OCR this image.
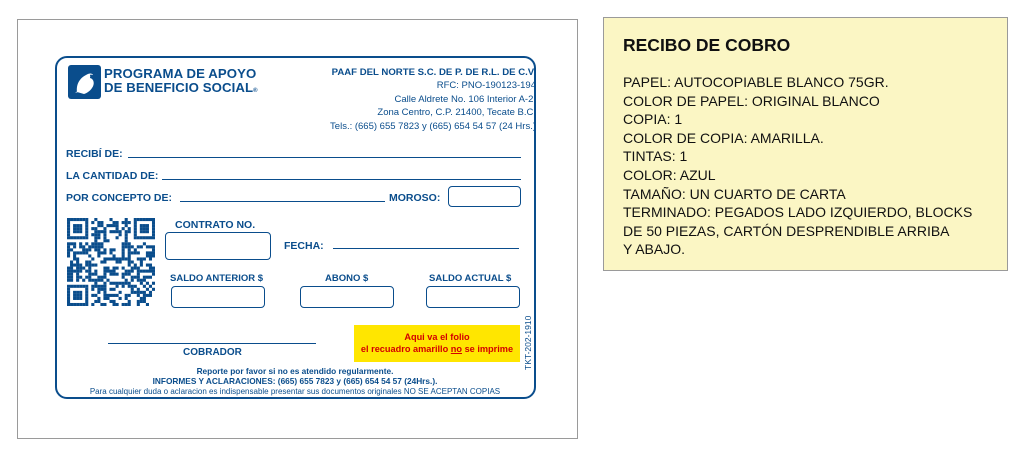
PROGRAMA DE APOYO
DE BENEFICIO SOCIAL®
PAAF DEL NORTE S.C. DE P. DE R.L. DE C.V.
RFC: PNO-190123-194
Calle Aldrete No. 106 Interior A-2,
Zona Centro, C.P. 21400, Tecate B.C.
Tels.: (665) 655 7823 y (665) 654 54 57 (24 Hrs.)
RECIBÍ DE:
LA CANTIDAD DE:
POR CONCEPTO DE:	MOROSO:
CONTRATO NO.
FECHA:
SALDO ANTERIOR $	ABONO $	SALDO ACTUAL $
COBRADOR
Aqui va el folio
el recuadro amarillo no se imprime
Reporte por favor si no es atendido regularmente.
INFORMES Y ACLARACIONES: (665) 655 7823 y (665) 654 54 57 (24Hrs.).
Para cualquier duda o aclaracion es indispensable presentar sus documentos originales NO SE ACEPTAN COPIAS
TKT-202-1910
RECIBO DE COBRO
PAPEL: AUTOCOPIABLE BLANCO 75GR.
COLOR DE PAPEL: ORIGINAL BLANCO
COPIA: 1
COLOR DE COPIA: AMARILLA.
TINTAS: 1
COLOR: AZUL
TAMAÑO: UN CUARTO DE CARTA
TERMINADO: PEGADOS LADO IZQUIERDO, BLOCKS
DE 50 PIEZAS, CARTÓN DESPRENDIBLE ARRIBA
Y ABAJO.
